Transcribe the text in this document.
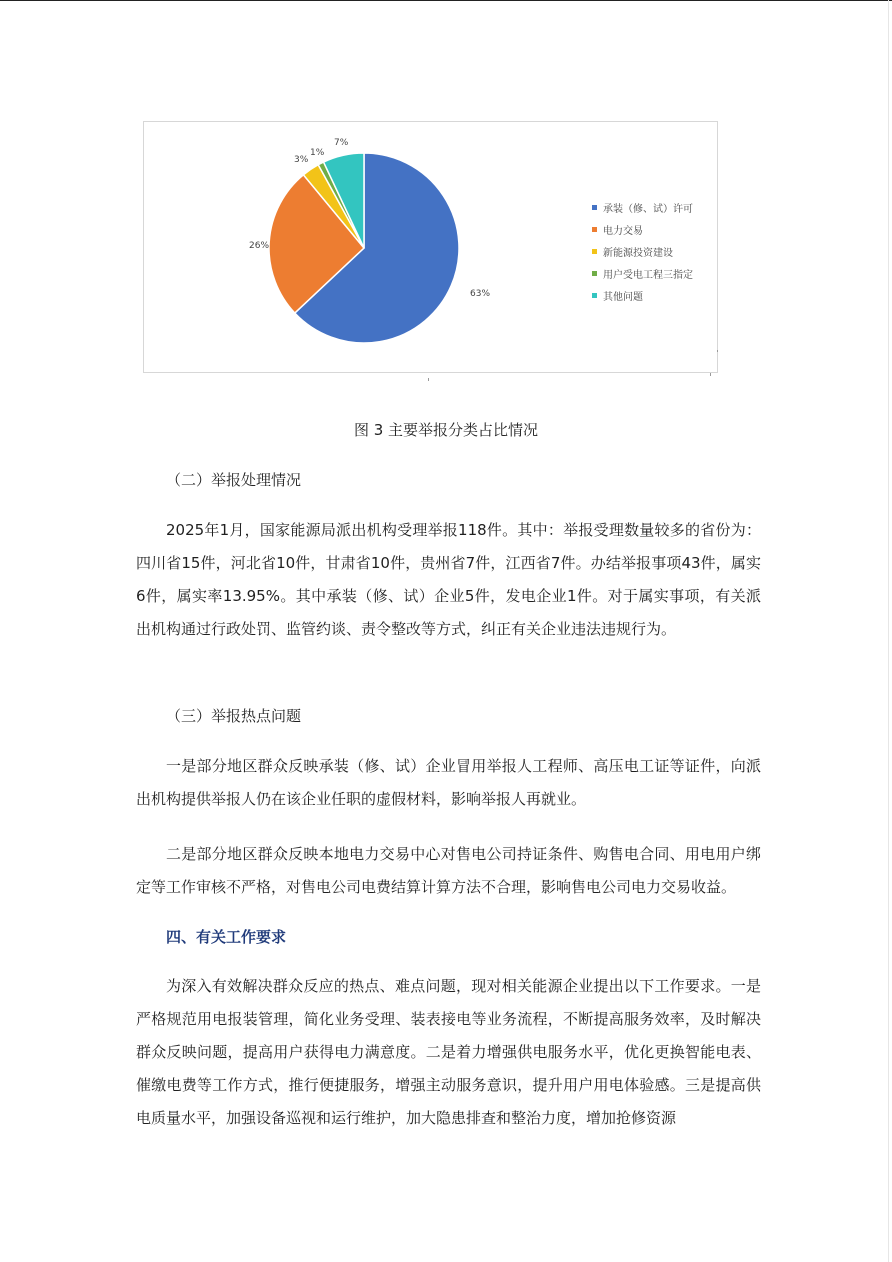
63%
26%
3%
1%
7%
承装（修、试）许可
电力交易
新能源投资建设
用户受电工程三指定
其他问题
图 3 主要举报分类占比情况
（二）举报处理情况
2025年1月，国家能源局派出机构受理举报118件。其中：举报受理数量较多的省份为：四川省15件，河北省10件，甘肃省10件，贵州省7件，江西省7件。办结举报事项43件，属实6件，属实率13.95%。其中承装（修、试）企业5件，发电企业1件。对于属实事项，有关派出机构通过行政处罚、监管约谈、责令整改等方式，纠正有关企业违法违规行为。
（三）举报热点问题
一是部分地区群众反映承装（修、试）企业冒用举报人工程师、高压电工证等证件，向派出机构提供举报人仍在该企业任职的虚假材料，影响举报人再就业。
二是部分地区群众反映本地电力交易中心对售电公司持证条件、购售电合同、用电用户绑定等工作审核不严格，对售电公司电费结算计算方法不合理，影响售电公司电力交易收益。
四、有关工作要求
为深入有效解决群众反应的热点、难点问题，现对相关能源企业提出以下工作要求。一是严格规范用电报装管理，简化业务受理、装表接电等业务流程，不断提高服务效率，及时解决群众反映问题，提高用户获得电力满意度。二是着力增强供电服务水平，优化更换智能电表、催缴电费等工作方式，推行便捷服务，增强主动服务意识，提升用户用电体验感。三是提高供电质量水平，加强设备巡视和运行维护，加大隐患排查和整治力度，增加抢修资源
